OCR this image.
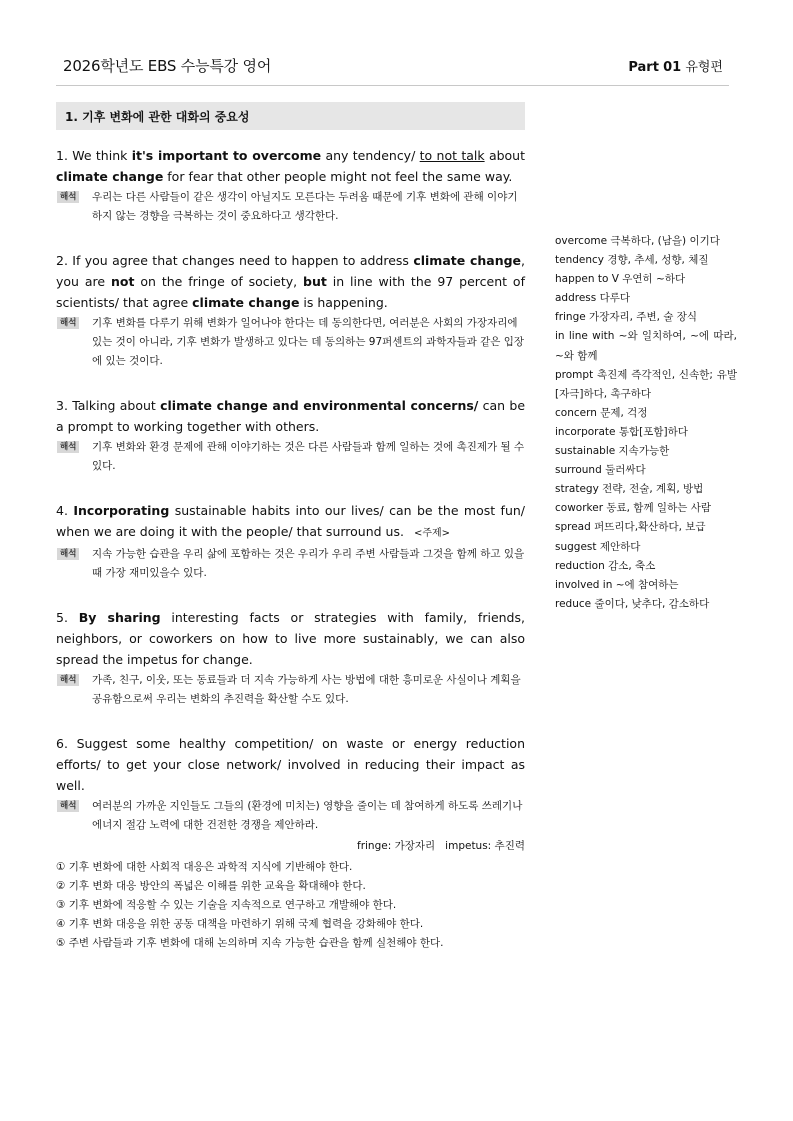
2026학년도 EBS 수능특강 영어	Part 01 유형편
1. 기후 변화에 관한 대화의 중요성
1. We think it's important to overcome any tendency/ to not talk about climate change for fear that other people might not feel the same way.
해석 우리는 다른 사람들이 같은 생각이 아닐지도 모른다는 두려움 때문에 기후 변화에 관해 이야기하지 않는 경향을 극복하는 것이 중요하다고 생각한다.
2. If you agree that changes need to happen to address climate change, you are not on the fringe of society, but in line with the 97 percent of scientists/ that agree climate change is happening.
해석 기후 변화를 다루기 위해 변화가 일어나야 한다는 데 동의한다면, 여러분은 사회의 가장자리에 있는 것이 아니라, 기후 변화가 발생하고 있다는 데 동의하는 97퍼센트의 과학자들과 같은 입장에 있는 것이다.
3. Talking about climate change and environmental concerns/ can be a prompt to working together with others.
해석 기후 변화와 환경 문제에 관해 이야기하는 것은 다른 사람들과 함께 일하는 것에 촉진제가 될 수 있다.
4. Incorporating sustainable habits into our lives/ can be the most fun/ when we are doing it with the people/ that surround us. <주제>
해석 지속 가능한 습관을 우리 삶에 포함하는 것은 우리가 우리 주변 사람들과 그것을 함께 하고 있을 때 가장 재미있을수 있다.
5. By sharing interesting facts or strategies with family, friends, neighbors, or coworkers on how to live more sustainably, we can also spread the impetus for change.
해석 가족, 친구, 이웃, 또는 동료들과 더 지속 가능하게 사는 방법에 대한 흥미로운 사실이나 계획을 공유함으로써 우리는 변화의 추진력을 확산할 수도 있다.
6. Suggest some healthy competition/ on waste or energy reduction efforts/ to get your close network/ involved in reducing their impact as well.
해석 여러분의 가까운 지인들도 그들의 (환경에 미치는) 영향을 줄이는 데 참여하게 하도록 쓰레기나 에너지 절감 노력에 대한 건전한 경쟁을 제안하라.
fringe: 가장자리   impetus: 추진력
① 기후 변화에 대한 사회적 대응은 과학적 지식에 기반해야 한다.
② 기후 변화 대응 방안의 폭넓은 이해를 위한 교육을 확대해야 한다.
③ 기후 변화에 적응할 수 있는 기술을 지속적으로 연구하고 개발해야 한다.
④ 기후 변화 대응을 위한 공동 대책을 마련하기 위해 국제 협력을 강화해야 한다.
⑤ 주변 사람들과 기후 변화에 대해 논의하며 지속 가능한 습관을 함께 실천해야 한다.
overcome 극복하다, (남을) 이기다
tendency 경향, 추세, 성향, 체질
happen to V 우연히 ~하다
address 다루다
fringe 가장자리, 주변, 술 장식
in line with ~와 일치하여, ~에 따라, ~와 함께
prompt 촉진제 즉각적인, 신속한; 유발[자극]하다, 촉구하다
concern 문제, 걱정
incorporate 통합[포함]하다
sustainable 지속가능한
surround 둘러싸다
strategy 전략, 전술, 계획, 방법
coworker 동료, 함께 일하는 사람
spread 퍼뜨리다,확산하다, 보급
suggest 제안하다
reduction 감소, 축소
involved in ~에 참여하는
reduce 줄이다, 낮추다, 감소하다
